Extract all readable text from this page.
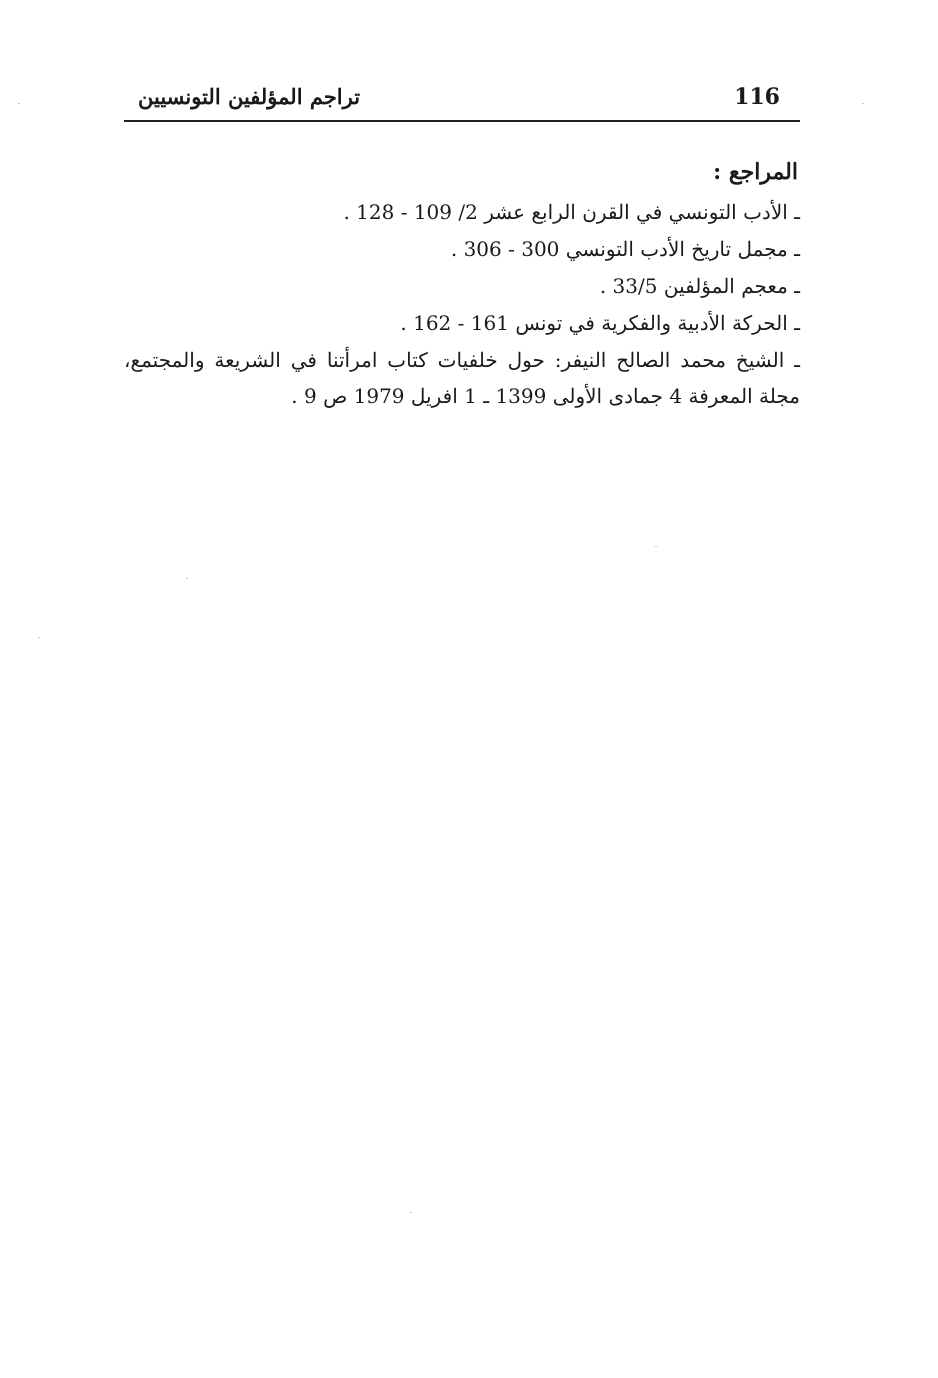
تراجم المؤلفين التونسيين	116
المراجع :
ـ الأدب التونسي في القرن الرابع عشر 2/ 109 - 128 .
ـ مجمل تاريخ الأدب التونسي 300 - 306 .
ـ معجم المؤلفين 33/5 .
ـ الحركة الأدبية والفكرية في تونس 161 - 162 .
ـ الشيخ محمد الصالح النيفر: حول خلفيات كتاب امرأتنا في الشريعة والمجتمع، مجلة المعرفة 4 جمادى الأولى 1399 ـ 1 افريل 1979 ص 9 .
